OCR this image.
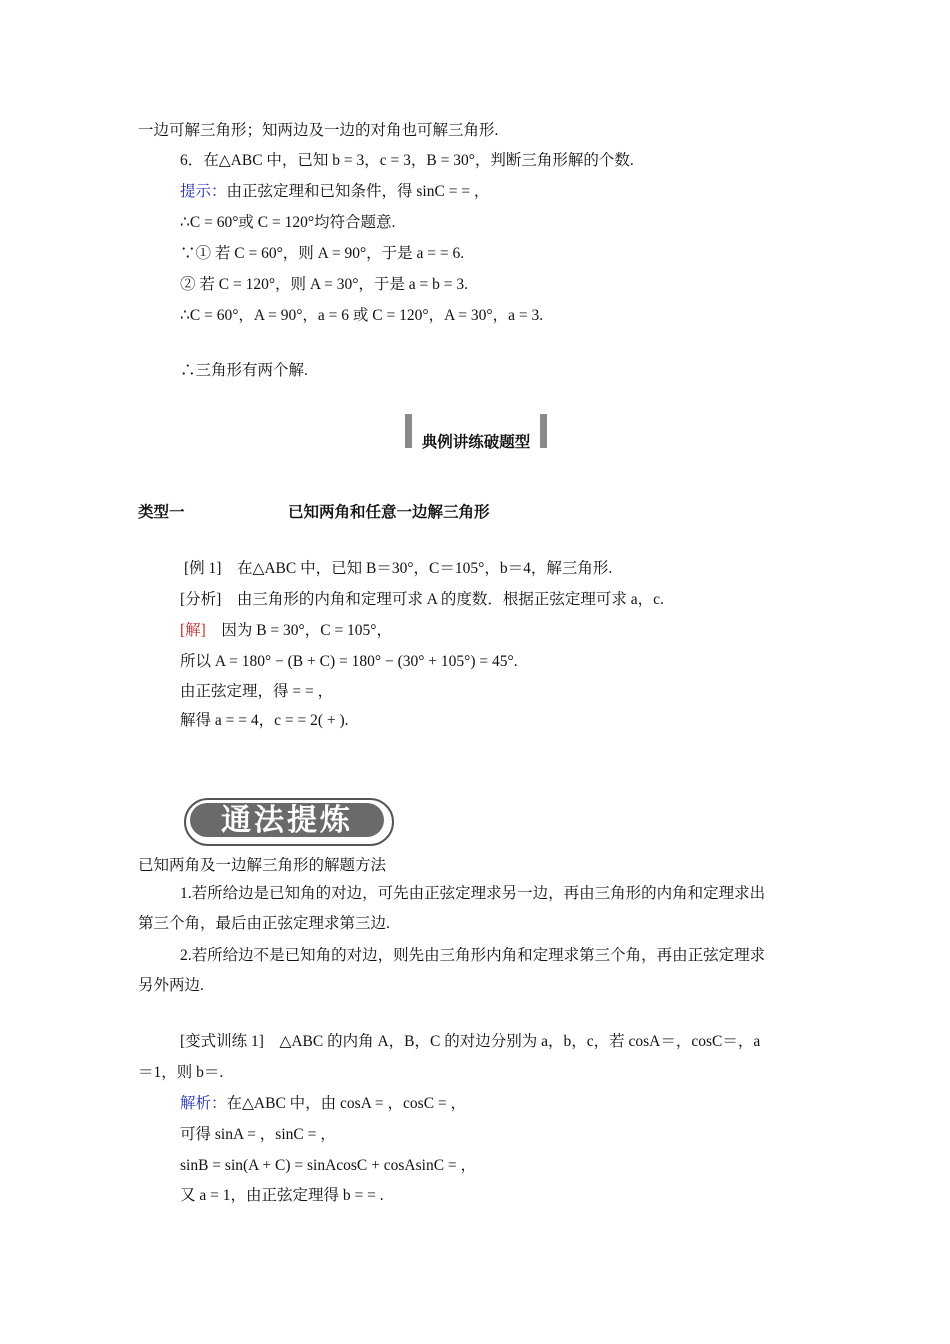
一边可解三角形；知两边及一边的对角也可解三角形.
6．在△ABC 中，已知 b = 3，c = 3，B = 30°，判断三角形解的个数.
提示：由正弦定理和已知条件，得 sinC = = ，
∴C = 60°或 C = 120°均符合题意.
∵① 若 C = 60°，则 A = 90°，于是 a = = 6.
② 若 C = 120°，则 A = 30°，于是 a = b = 3.
∴C = 60°，A = 90°，a = 6 或 C = 120°，A = 30°，a = 3.
∴三角形有两个解.
典例讲练破题型
类型一	已知两角和任意一边解三角形
[例 1]　在△ABC 中，已知 B＝30°，C＝105°，b＝4，解三角形.
[分析]　由三角形的内角和定理可求 A 的度数．根据正弦定理可求 a，c.
[解]　因为 B = 30°，C = 105°，
所以 A = 180° − (B + C) = 180° − (30° + 105°) = 45°.
由正弦定理，得 = = ，
解得 a = = 4，c = = 2( + ).
通法提炼
已知两角及一边解三角形的解题方法
1.若所给边是已知角的对边，可先由正弦定理求另一边，再由三角形的内角和定理求出
第三个角，最后由正弦定理求第三边.
2.若所给边不是已知角的对边，则先由三角形内角和定理求第三个角，再由正弦定理求
另外两边.
[变式训练 1]　△ABC 的内角 A，B，C 的对边分别为 a，b，c，若 cosA＝，cosC＝，a
＝1，则 b＝.
解析：在△ABC 中，由 cosA = ，cosC = ，
可得 sinA = ，sinC = ，
sinB = sin(A + C) = sinAcosC + cosAsinC = ，
又 a = 1，由正弦定理得 b = = .
